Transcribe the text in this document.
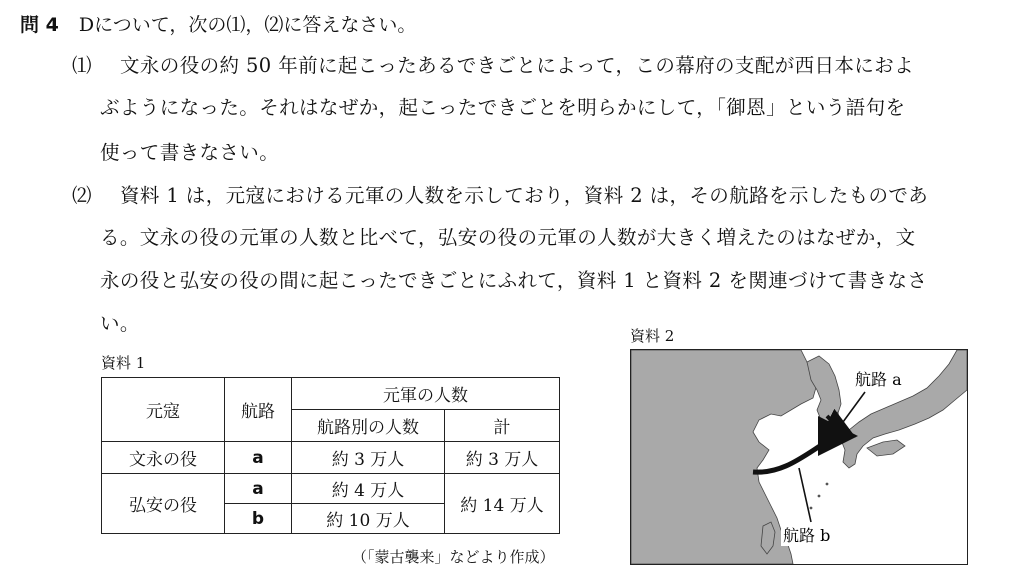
問 4 Dについて，次の⑴，⑵に答えなさい。
⑴ 文永の役の約 50 年前に起こったあるできごとによって，この幕府の支配が西日本におよ
ぶようになった。それはなぜか，起こったできごとを明らかにして，「御恩」という語句を
使って書きなさい。
⑵ 資料 1 は，元寇における元軍の人数を示しており，資料 2 は，その航路を示したものであ
る。文永の役の元軍の人数と比べて，弘安の役の元軍の人数が大きく増えたのはなぜか，文
永の役と弘安の役の間に起こったできごとにふれて，資料 1 と資料 2 を関連づけて書きなさ
い。
資料 1
元寇	航路	元軍の人数	
		航路別の人数	計
文永の役	a	約 3 万人	約 3 万人
弘安の役	a	約 4 万人	約 14 万人
	b	約 10 万人	
（「蒙古襲来」などより作成）
資料 2
航路 a
航路 b
